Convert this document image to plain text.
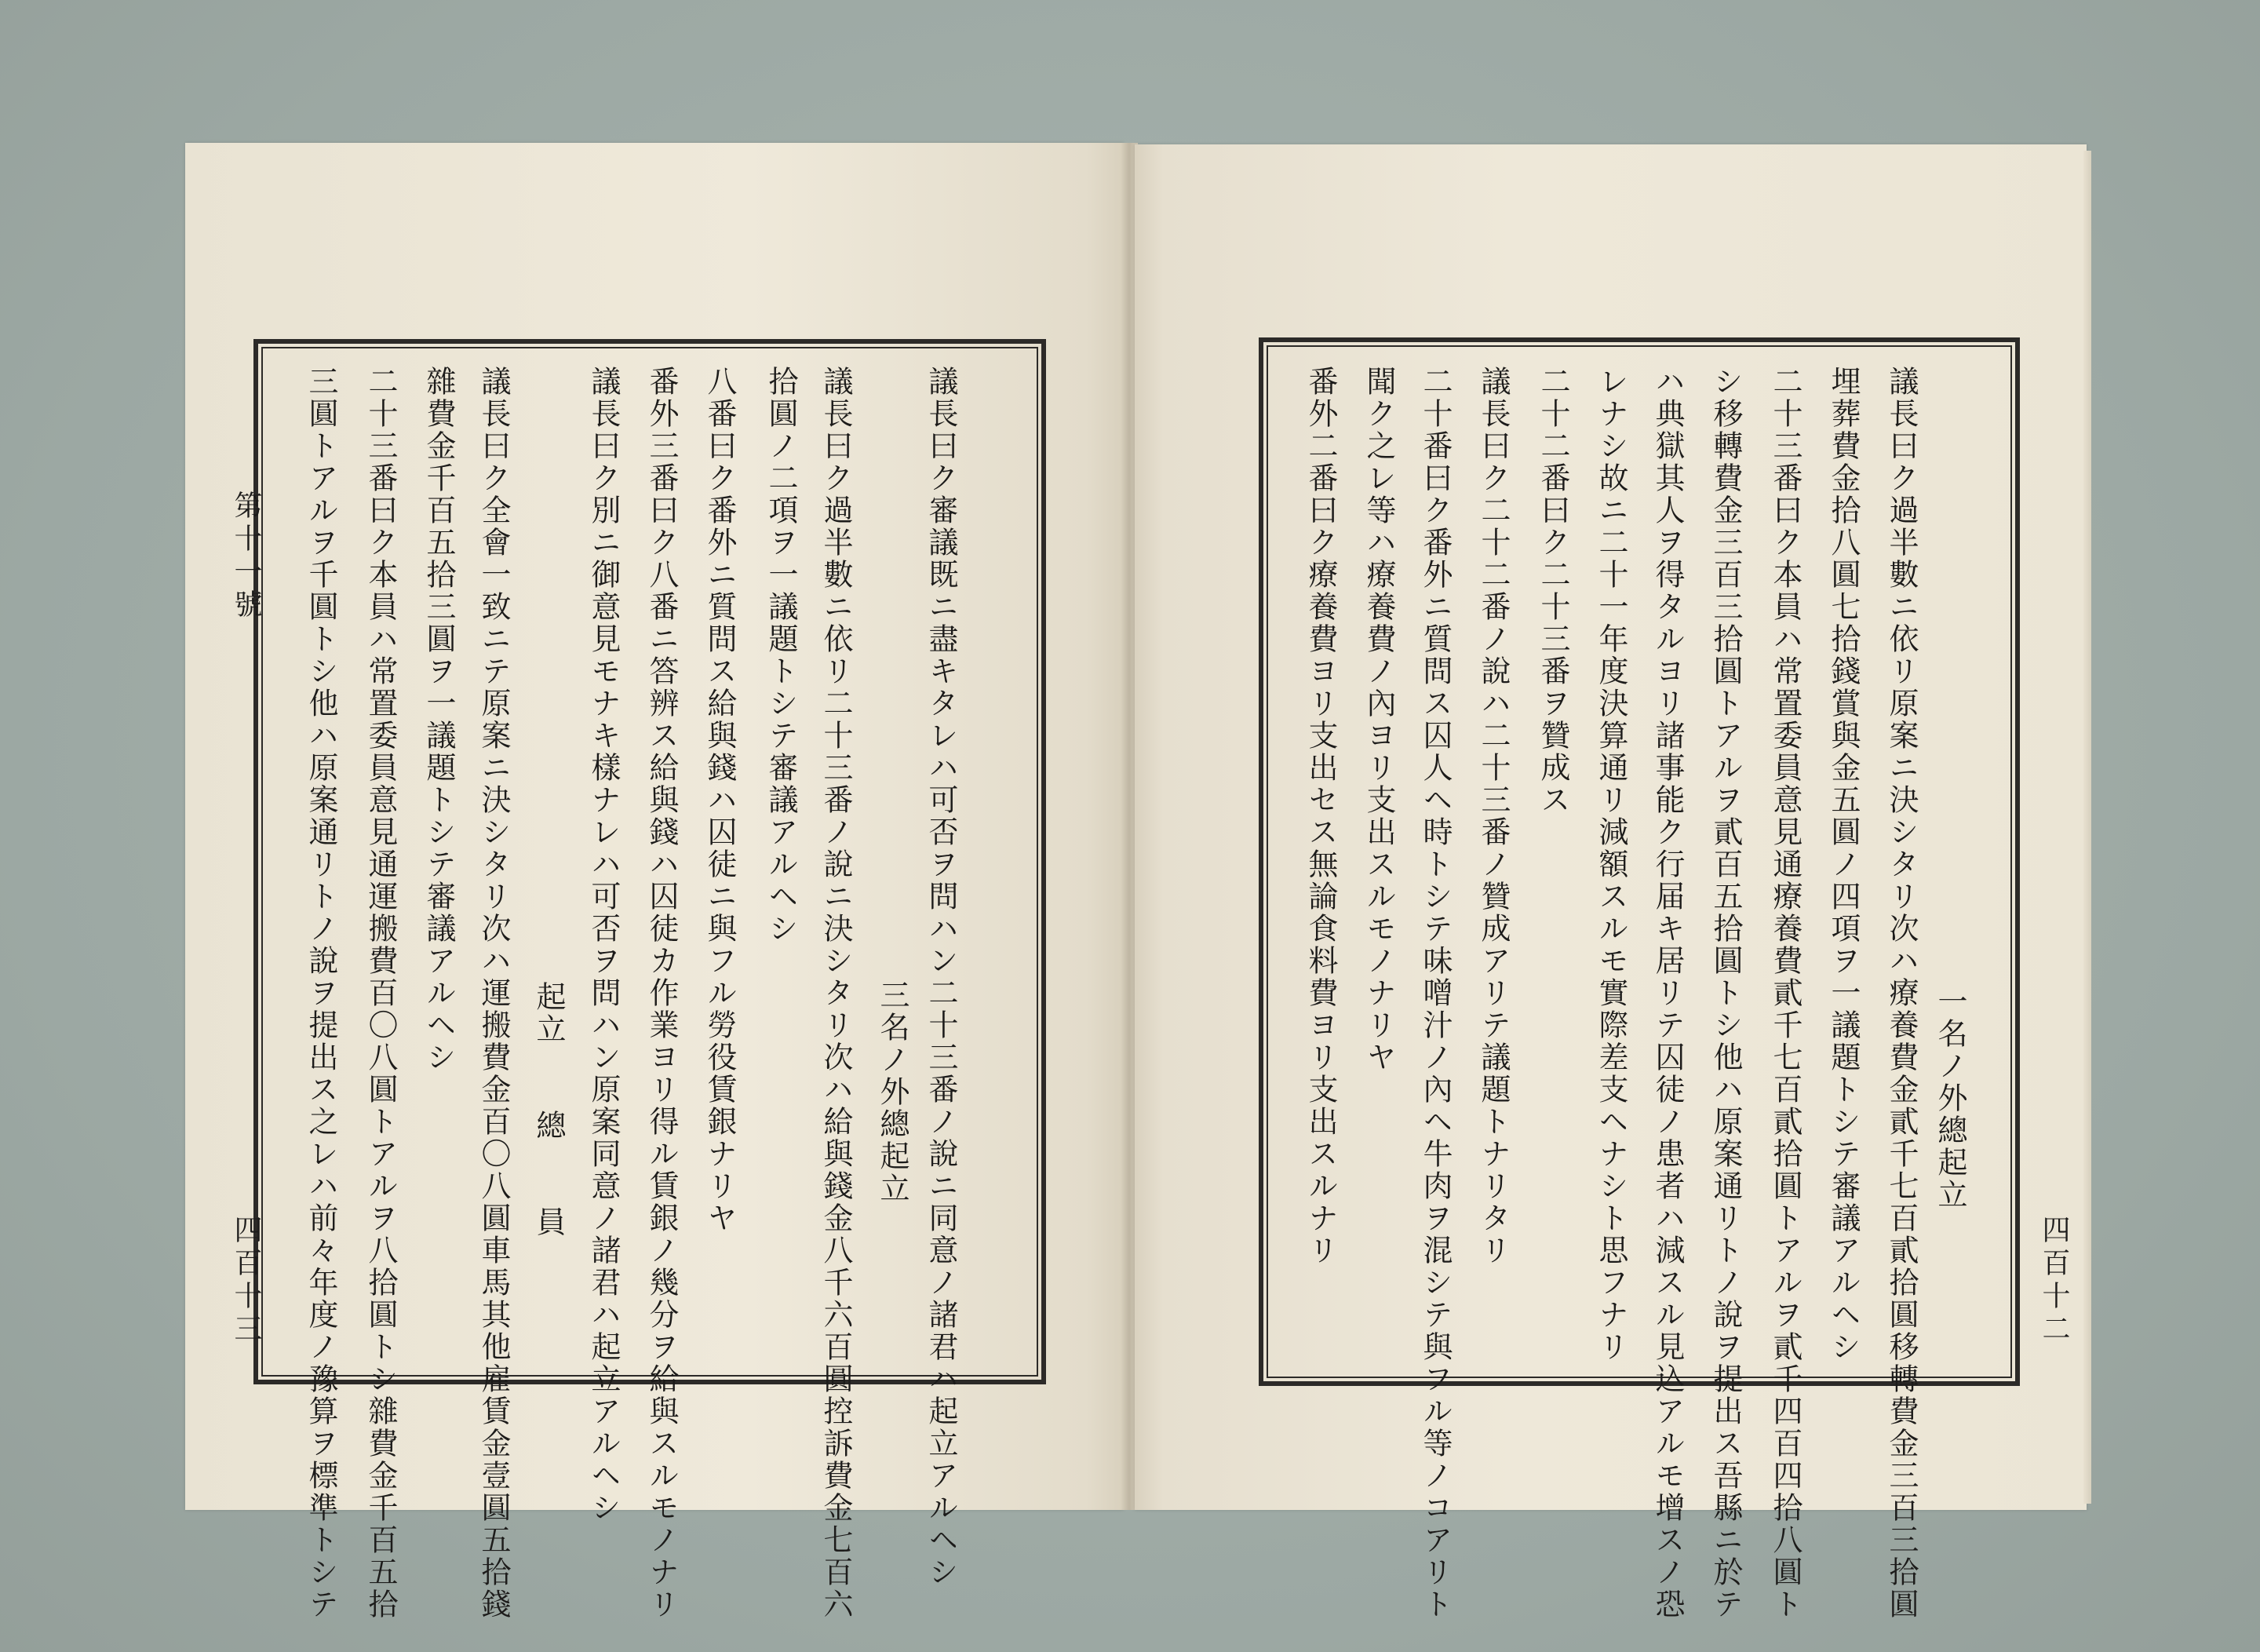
第十一號
四百十三	議長曰ク審議既ニ盡キタレハ可否ヲ問ハン二十三番ノ說ニ同意ノ諸君ハ起立アルヘシ
三名ノ外總起立
議長曰ク過半數ニ依リ二十三番ノ說ニ決シタリ次ハ給與錢金八千六百圓控訴費金七百六
拾圓ノ二項ヲ一議題トシテ審議アルヘシ
八番曰ク番外ニ質問ス給與錢ハ囚徒ニ與フル勞役賃銀ナリヤ
番外三番曰ク八番ニ答辨ス給與錢ハ囚徒カ作業ヨリ得ル賃銀ノ幾分ヲ給與スルモノナリ
議長曰ク別ニ御意見モナキ樣ナレハ可否ヲ問ハン原案同意ノ諸君ハ起立アルヘシ
起立　　總　　員
議長曰ク全會一致ニテ原案ニ決シタリ次ハ運搬費金百〇八圓車馬其他雇賃金壹圓五拾錢
雜費金千百五拾三圓ヲ一議題トシテ審議アルヘシ
二十三番曰ク本員ハ常置委員意見通運搬費百〇八圓トアルヲ八拾圓トシ雜費金千百五拾
三圓トアルヲ千圓トシ他ハ原案通リトノ說ヲ提出ス之レハ前々年度ノ豫算ヲ標準トシテ	一名ノ外總起立
議長曰ク過半數ニ依リ原案ニ決シタリ次ハ療養費金貳千七百貳拾圓移轉費金三百三拾圓
埋葬費金拾八圓七拾錢賞與金五圓ノ四項ヲ一議題トシテ審議アルヘシ
二十三番曰ク本員ハ常置委員意見通療養費貳千七百貳拾圓トアルヲ貳千四百四拾八圓ト
シ移轉費金三百三拾圓トアルヲ貳百五拾圓トシ他ハ原案通リトノ說ヲ提出ス吾縣ニ於テ
ハ典獄其人ヲ得タルヨリ諸事能ク行届キ居リテ囚徒ノ患者ハ減スル見込アルモ增スノ恐
レナシ故ニ二十一年度決算通リ減額スルモ實際差支ヘナシト思フナリ
二十二番曰ク二十三番ヲ贊成ス
議長曰ク二十二番ノ說ハ二十三番ノ贊成アリテ議題トナリタリ
二十番曰ク番外ニ質問ス囚人ヘ時トシテ味噌汁ノ內ヘ牛肉ヲ混シテ與フル等ノコアリト
聞ク之レ等ハ療養費ノ內ヨリ支出スルモノナリヤ
番外二番曰ク療養費ヨリ支出セス無論食料費ヨリ支出スルナリ
四百十二
